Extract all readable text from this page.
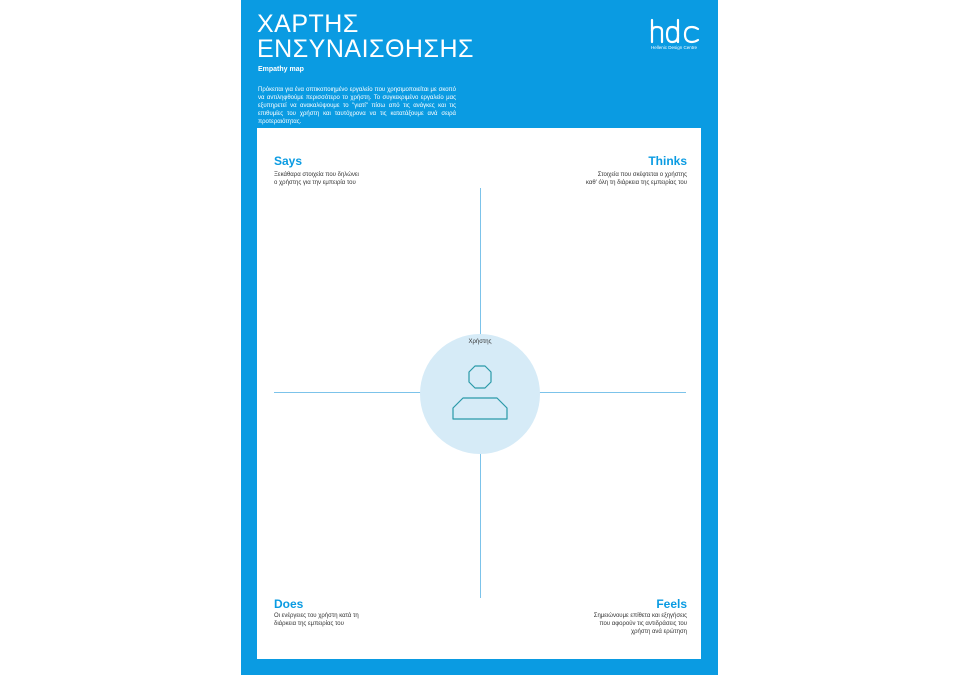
ΧΑΡΤΗΣ
ΕΝΣΥΝΑΙΣΘΗΣΗΣ
Empathy map
Πρόκειται για ένα οπτικοποιημένο εργαλείο που χρησιμοποιείται με σκοπό να αντιληφθούμε περισσότερο το χρήστη. Το συγκεκριμένο εργαλείο μας εξυπηρετεί να ανακαλύψουμε το "γιατί" πίσω από τις ανάγκες και τις επιθυμίες του χρήστη και ταυτόχρονα να τις κατατάξουμε ανά σειρά προτεραιότητας.
Hellenic Design Centre
Says
Ξεκάθαρα στοιχεία που δηλώνει
ο χρήστης για την εμπειρία του
Thinks
Στοιχεία που σκέφτεται ο χρήστης
καθ' όλη τη διάρκεια της εμπειρίας του
Does
Οι ενέργειες του χρήστη κατά τη
διάρκεια της εμπειρίας του
Feels
Σημειώνουμε επίθετα και εξηγήσεις
που αφορούν τις αντιδράσεις του
χρήστη ανά ερώτηση
Χρήστης
